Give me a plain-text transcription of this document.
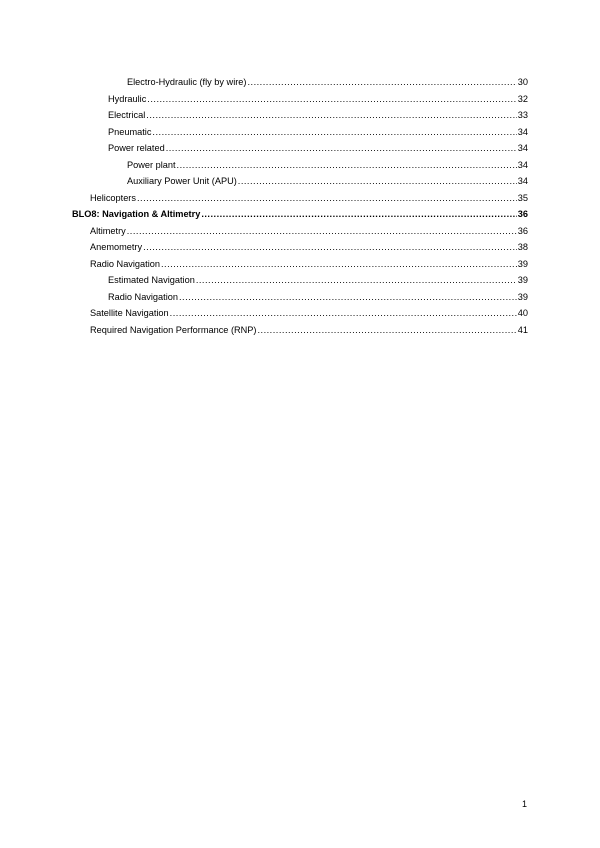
Electro-Hydraulic (fly by wire) .....	30
Hydraulic .....	32
Electrical .....	33
Pneumatic .....	34
Power related .....	34
Power plant .....	34
Auxiliary Power Unit (APU) .....	34
Helicopters .....	35
BLO8: Navigation & Altimetry .....	36
Altimetry .....	36
Anemometry .....	38
Radio Navigation .....	39
Estimated Navigation .....	39
Radio Navigation .....	39
Satellite Navigation .....	40
Required Navigation Performance (RNP) .....	41
1
